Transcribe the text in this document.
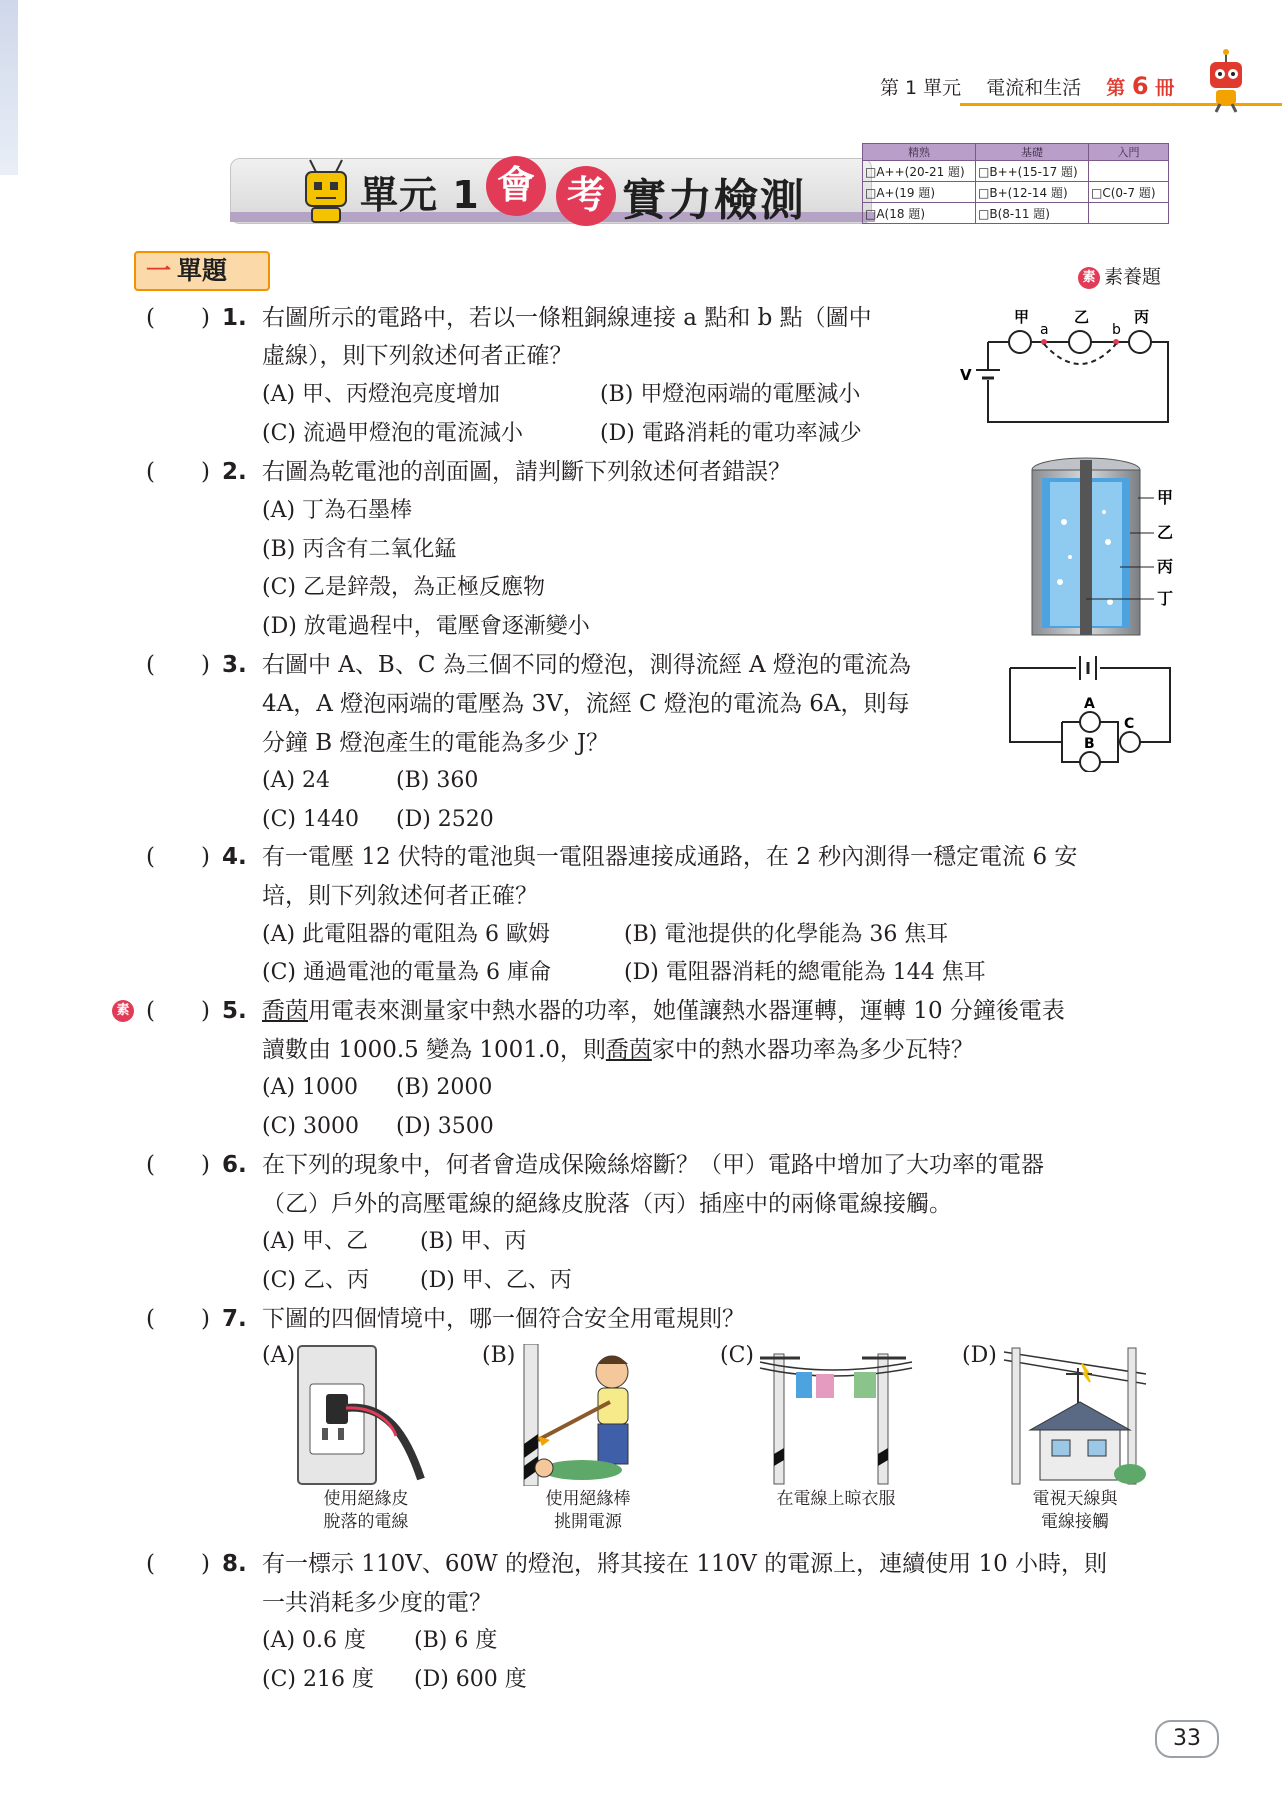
第 1 單元　 電流和生活　 第 6 冊
單元 1 會 考 實力檢測
精熟	基礎	入門
□A++(20-21 題)	□B++(15-17 題)	
□A+(19 題)	□B+(12-14 題)	□C(0-7 題)
□A(18 題)	□B(8-11 題)	
一 單題	素 素養題
(　　) 1. 右圖所示的電路中，若以一條粗銅線連接 a 點和 b 點（圖中
虛線），則下列敘述何者正確？
(A) 甲、丙燈泡亮度增加	(B) 甲燈泡兩端的電壓減小
(C) 流過甲燈泡的電流減小	(D) 電路消耗的電功率減少
甲	乙	丙
a	b
V
(　　) 2. 右圖為乾電池的剖面圖，請判斷下列敘述何者錯誤？
(A) 丁為石墨棒
(B) 丙含有二氧化錳
(C) 乙是鋅殼，為正極反應物
(D) 放電過程中，電壓會逐漸變小
甲
乙
丙
丁
(　　) 3. 右圖中 A、B、C 為三個不同的燈泡，測得流經 A 燈泡的電流為
4A，A 燈泡兩端的電壓為 3V，流經 C 燈泡的電流為 6A，則每
分鐘 B 燈泡產生的電能為多少 J？
(A) 24	(B) 360
(C) 1440 (D) 2520
A
B
C
(　　) 4. 有一電壓 12 伏特的電池與一電阻器連接成通路，在 2 秒內測得一穩定電流 6 安
培，則下列敘述何者正確？
(A) 此電阻器的電阻為 6 歐姆	(B) 電池提供的化學能為 36 焦耳
(C) 通過電池的電量為 6 庫侖	(D) 電阻器消耗的總電能為 144 焦耳
素 (　　) 5. 喬茵用電表來測量家中熱水器的功率，她僅讓熱水器運轉，運轉 10 分鐘後電表
讀數由 1000.5 變為 1001.0，則喬茵家中的熱水器功率為多少瓦特？
(A) 1000 (B) 2000
(C) 3000 (D) 3500
(　　) 6. 在下列的現象中，何者會造成保險絲熔斷？（甲）電路中增加了大功率的電器
（乙）戶外的高壓電線的絕緣皮脫落（丙）插座中的兩條電線接觸。
(A) 甲、乙 (B) 甲、丙
(C) 乙、丙 (D) 甲、乙、丙
(　　) 7. 下圖的四個情境中，哪一個符合安全用電規則？
(A)
使用絕緣皮
脫落的電線
(B)
使用絕緣棒
挑開電源
(C)
在電線上晾衣服
(D)
電視天線與
電線接觸
(　　) 8. 有一標示 110V、60W 的燈泡，將其接在 110V 的電源上，連續使用 10 小時，則
一共消耗多少度的電？
(A) 0.6 度 (B) 6 度
(C) 216 度 (D) 600 度
33
